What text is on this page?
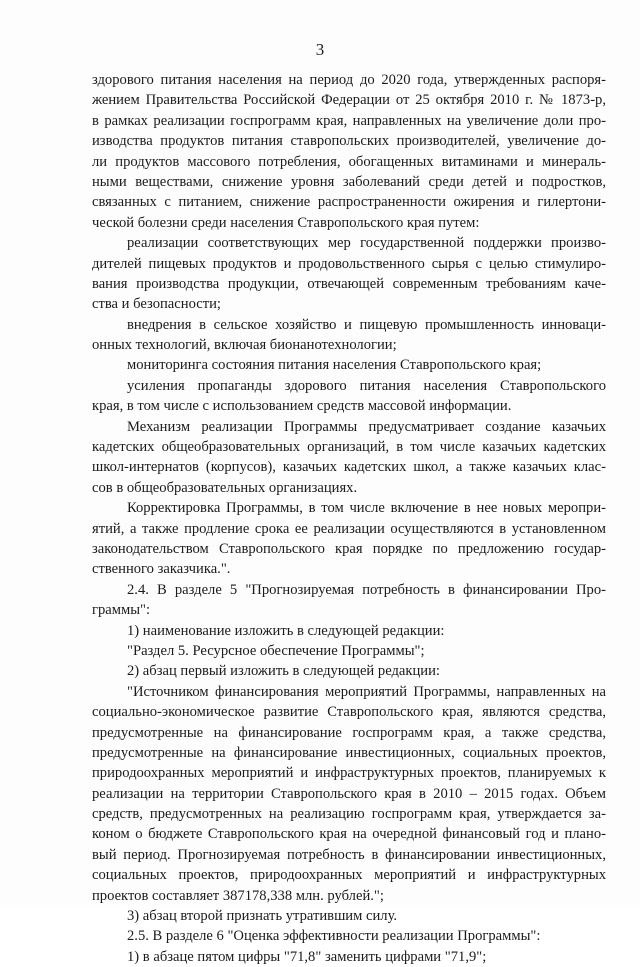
3
здорового питания населения на период до 2020 года, утвержденных распоря-
жением Правительства Российской Федерации от 25 октября 2010 г. № 1873-р,
в рамках реализации госпрограмм края, направленных на увеличение доли про-
изводства продуктов питания ставропольских производителей, увеличение до-
ли продуктов массового потребления, обогащенных витаминами и минераль-
ными веществами, снижение уровня заболеваний среди детей и подростков,
связанных с питанием, снижение распространенности ожирения и гилертони-
ческой болезни среди населения Ставропольского края путем:
реализации соответствующих мер государственной поддержки произво-
дителей пищевых продуктов и продовольственного сырья с целью стимулиро-
вания производства продукции, отвечающей современным требованиям каче-
ства и безопасности;
внедрения в сельское хозяйство и пищевую промышленность инноваци-
онных технологий, включая бионанотехнологии;
мониторинга состояния питания населения Ставропольского края;
усиления пропаганды здорового питания населения Ставропольского
края, в том числе с использованием средств массовой информации.
Механизм реализации Программы предусматривает создание казачьих
кадетских общеобразовательных организаций, в том числе казачьих кадетских
школ-интернатов (корпусов), казачьих кадетских школ, а также казачьих клас-
сов в общеобразовательных организациях.
Корректировка Программы, в том числе включение в нее новых меропри-
ятий, а также продление срока ее реализации осуществляются в установленном
законодательством Ставропольского края порядке по предложению государ-
ственного заказчика.".
2.4. В разделе 5 "Прогнозируемая потребность в финансировании Про-
граммы":
1) наименование изложить в следующей редакции:
"Раздел 5. Ресурсное обеспечение Программы";
2) абзац первый изложить в следующей редакции:
"Источником финансирования мероприятий Программы, направленных на
социально-экономическое развитие Ставропольского края, являются средства,
предусмотренные на финансирование госпрограмм края, а также средства,
предусмотренные на финансирование инвестиционных, социальных проектов,
природоохранных мероприятий и инфраструктурных проектов, планируемых к
реализации на территории Ставропольского края в 2010 – 2015 годах. Объем
средств, предусмотренных на реализацию госпрограмм края, утверждается за-
коном о бюджете Ставропольского края на очередной финансовый год и плано-
вый период. Прогнозируемая потребность в финансировании инвестиционных,
социальных проектов, природоохранных мероприятий и инфраструктурных
проектов составляет 387178,338 млн. рублей.";
3) абзац второй признать утратившим силу.
2.5. В разделе 6 "Оценка эффективности реализации Программы":
1) в абзаце пятом цифры "71,8" заменить цифрами "71,9";
